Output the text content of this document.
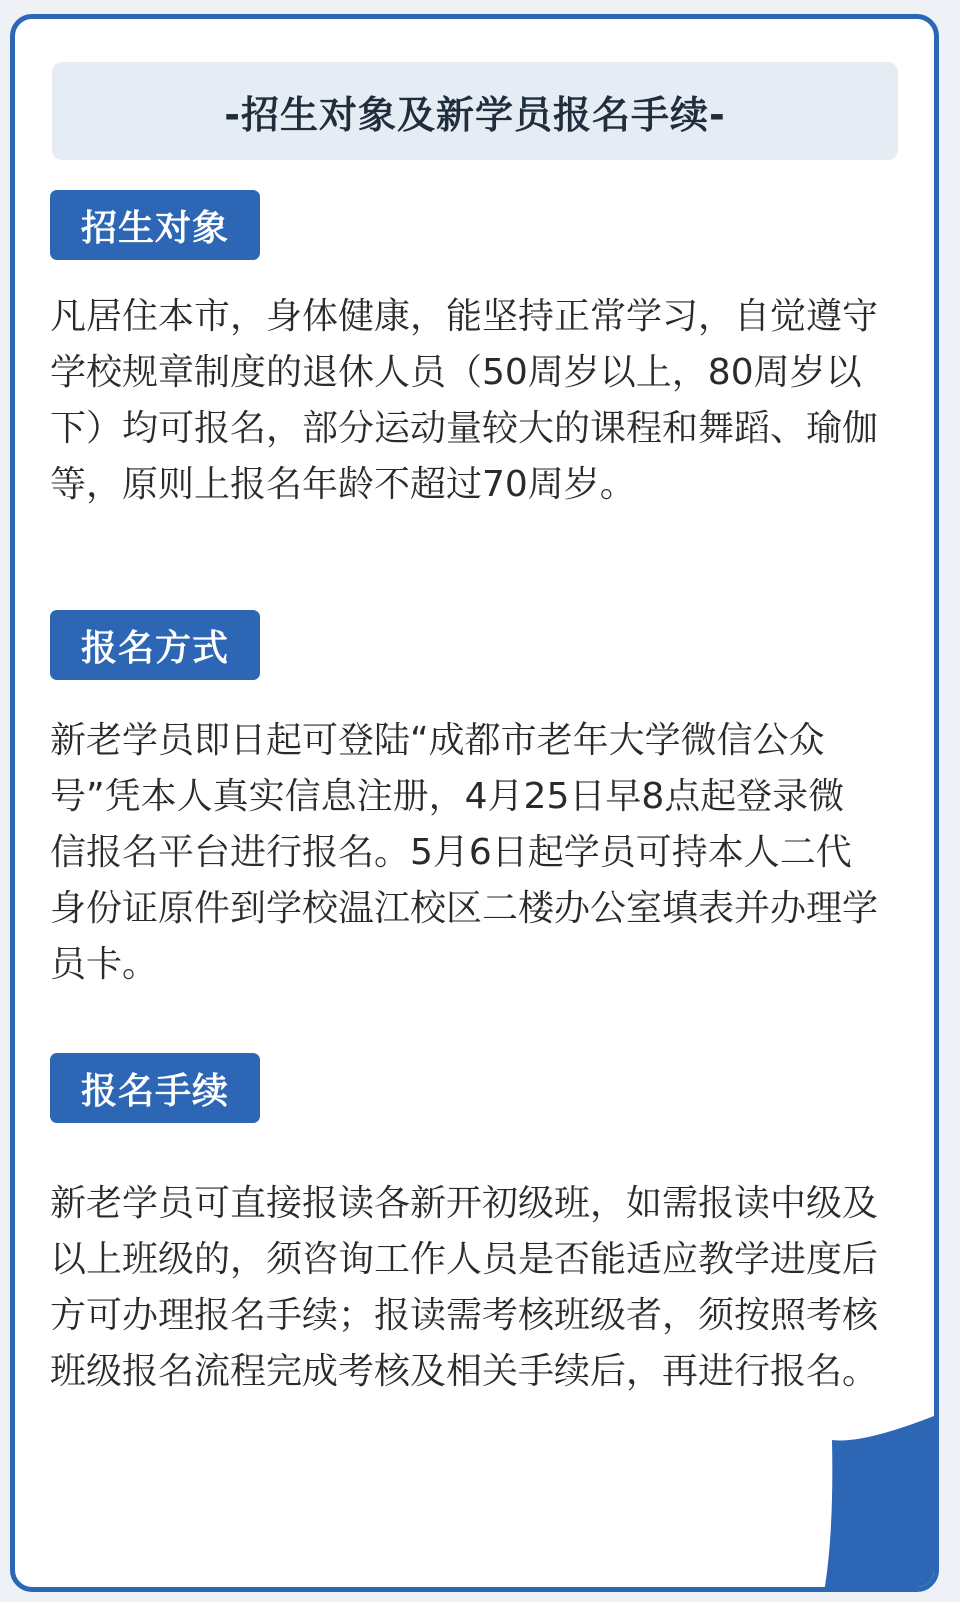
-招生对象及新学员报名手续-
招生对象

凡居住本市，身体健康，能坚持正常学习，自觉遵守学校规章制度的退休人员（50周岁以上，80周岁以下）均可报名，部分运动量较大的课程和舞蹈、瑜伽等，原则上报名年龄不超过70周岁。

报名方式

新老学员即日起可登陆“成都市老年大学微信公众号”凭本人真实信息注册，4月25日早8点起登录微信报名平台进行报名。5月6日起学员可持本人二代身份证原件到学校温江校区二楼办公室填表并办理学员卡。

报名手续

新老学员可直接报读各新开初级班，如需报读中级及以上班级的，须咨询工作人员是否能适应教学进度后方可办理报名手续；报读需考核班级者，须按照考核班级报名流程完成考核及相关手续后，再进行报名。
